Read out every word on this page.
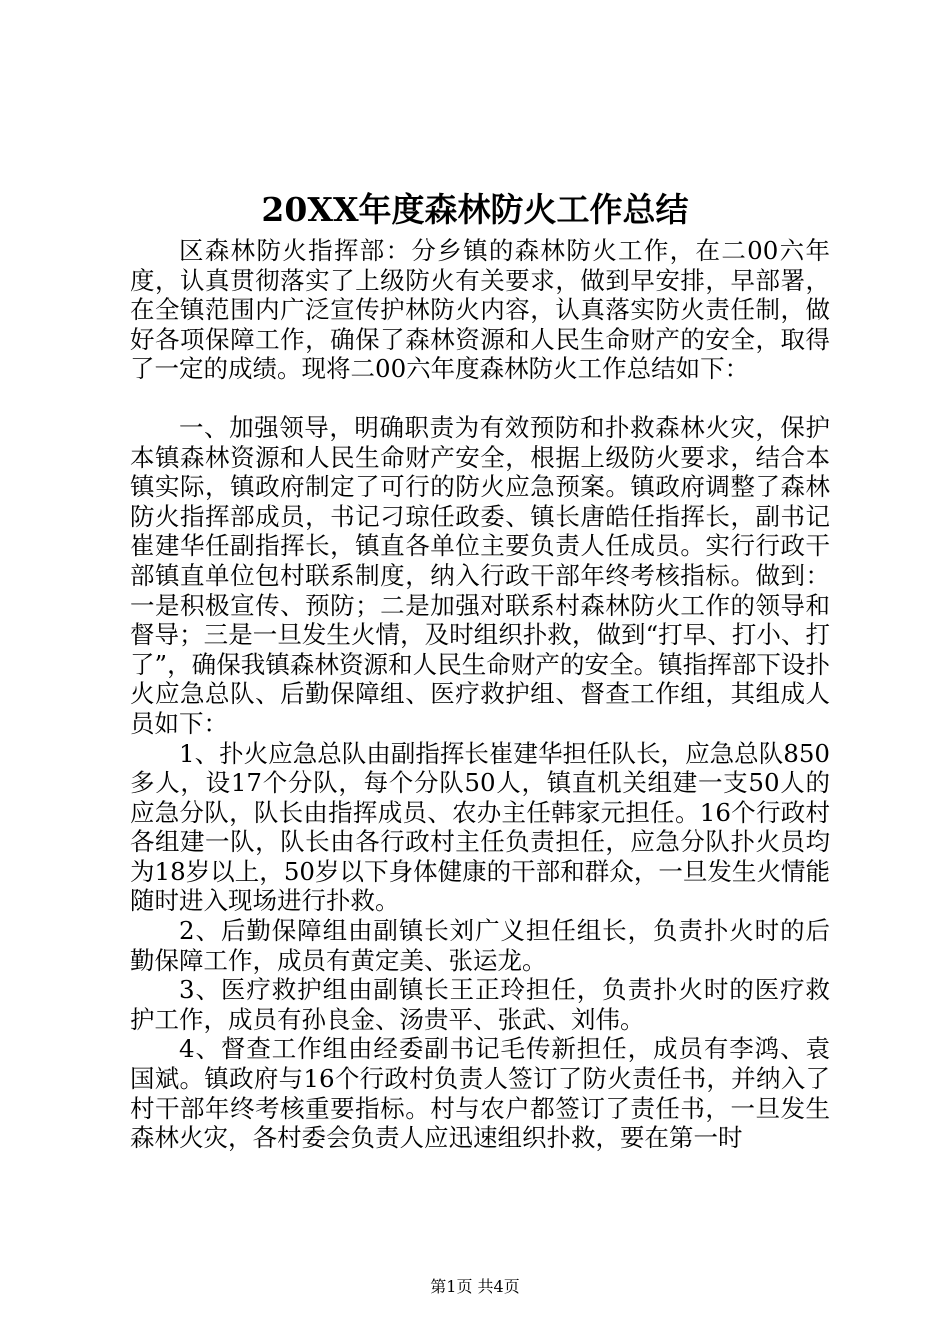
20XX年度森林防火工作总结

区森林防火指挥部：分乡镇的森林防火工作，在二00六年度，认真贯彻落实了上级防火有关要求，做到早安排，早部署，在全镇范围内广泛宣传护林防火内容，认真落实防火责任制，做好各项保障工作，确保了森林资源和人民生命财产的安全，取得了一定的成绩。现将二00六年度森林防火工作总结如下：

一、加强领导，明确职责为有效预防和扑救森林火灾，保护本镇森林资源和人民生命财产安全，根据上级防火要求，结合本镇实际，镇政府制定了可行的防火应急预案。镇政府调整了森林防火指挥部成员，书记刁琼任政委、镇长唐皓任指挥长，副书记崔建华任副指挥长，镇直各单位主要负责人任成员。实行行政干部镇直单位包村联系制度，纳入行政干部年终考核指标。做到：一是积极宣传、预防；二是加强对联系村森林防火工作的领导和督导；三是一旦发生火情，及时组织扑救，做到“打早、打小、打了”，确保我镇森林资源和人民生命财产的安全。镇指挥部下设扑火应急总队、后勤保障组、医疗救护组、督查工作组，其组成人员如下：

1、扑火应急总队由副指挥长崔建华担任队长，应急总队850多人，设17个分队，每个分队50人，镇直机关组建一支50人的应急分队，队长由指挥成员、农办主任韩家元担任。16个行政村各组建一队，队长由各行政村主任负责担任，应急分队扑火员均为18岁以上，50岁以下身体健康的干部和群众，一旦发生火情能随时进入现场进行扑救。

2、后勤保障组由副镇长刘广义担任组长，负责扑火时的后勤保障工作，成员有黄定美、张运龙。

3、医疗救护组由副镇长王正玲担任，负责扑火时的医疗救护工作，成员有孙良金、汤贵平、张武、刘伟。

4、督查工作组由经委副书记毛传新担任，成员有李鸿、袁国斌。镇政府与16个行政村负责人签订了防火责任书，并纳入了村干部年终考核重要指标。村与农户都签订了责任书，一旦发生森林火灾，各村委会负责人应迅速组织扑救，要在第一时

第1页 共4页
